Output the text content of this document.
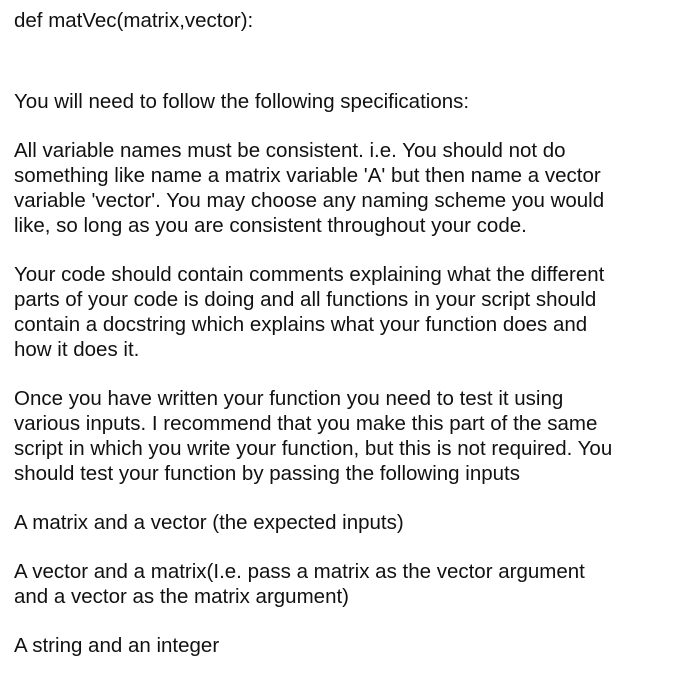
def matVec(matrix,vector):
You will need to follow the following specifications:
All variable names must be consistent. i.e. You should not do
something like name a matrix variable 'A' but then name a vector
variable 'vector'. You may choose any naming scheme you would
like, so long as you are consistent throughout your code.
Your code should contain comments explaining what the different
parts of your code is doing and all functions in your script should
contain a docstring which explains what your function does and
how it does it.
Once you have written your function you need to test it using
various inputs. I recommend that you make this part of the same
script in which you write your function, but this is not required. You
should test your function by passing the following inputs
A matrix and a vector (the expected inputs)
A vector and a matrix(I.e. pass a matrix as the vector argument
and a vector as the matrix argument)
A string and an integer
